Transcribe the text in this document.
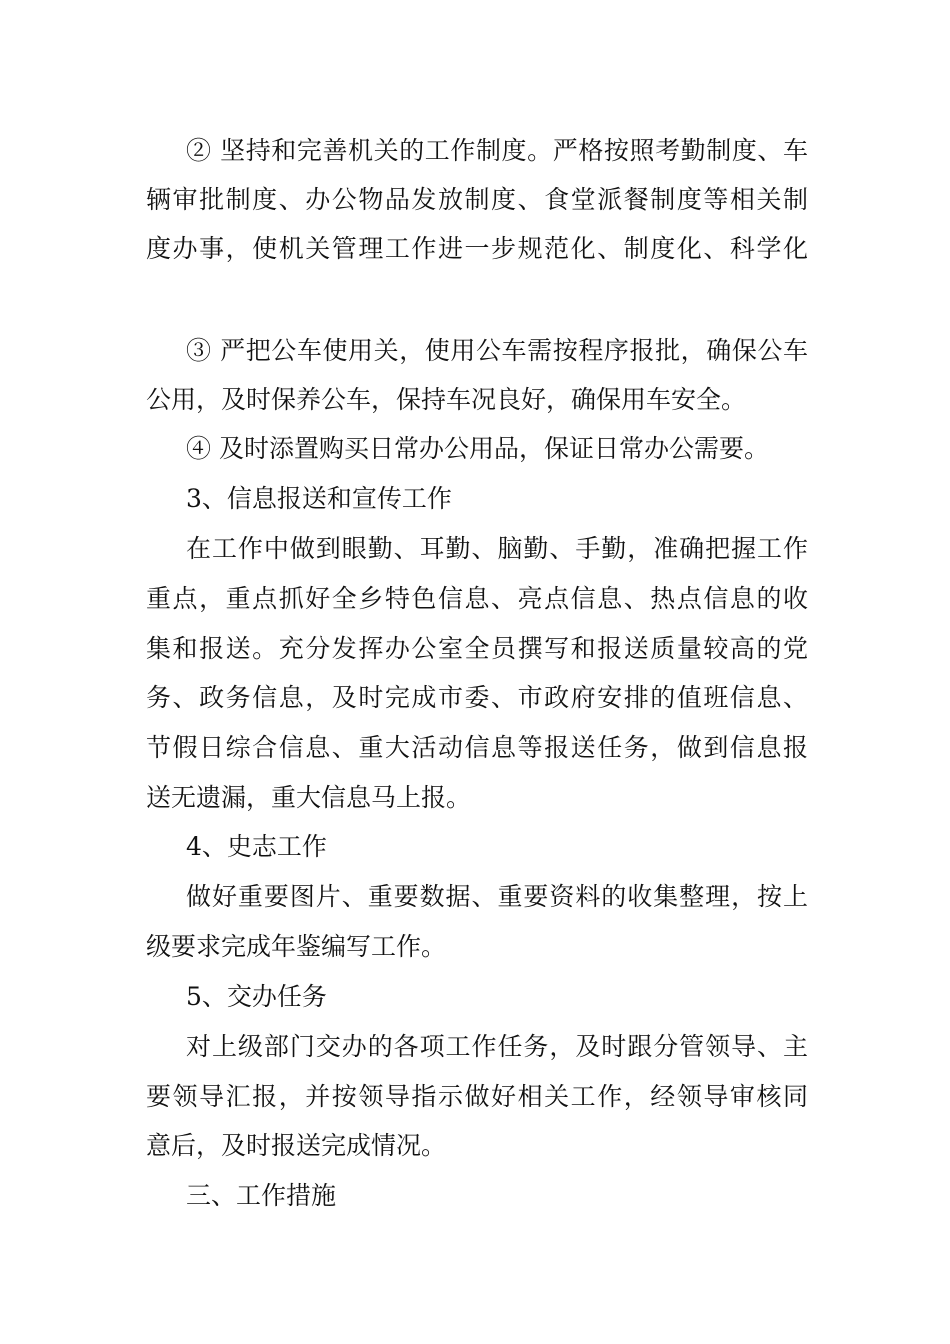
② 坚持和完善机关的工作制度。严格按照考勤制度、车
辆审批制度、办公物品发放制度、食堂派餐制度等相关制
度办事，使机关管理工作进一步规范化、制度化、科学化
③ 严把公车使用关，使用公车需按程序报批，确保公车
公用，及时保养公车，保持车况良好，确保用车安全。
④ 及时添置购买日常办公用品，保证日常办公需要。
3、信息报送和宣传工作
在工作中做到眼勤、耳勤、脑勤、手勤，准确把握工作
重点，重点抓好全乡特色信息、亮点信息、热点信息的收
集和报送。充分发挥办公室全员撰写和报送质量较高的党
务、政务信息，及时完成市委、市政府安排的值班信息、
节假日综合信息、重大活动信息等报送任务，做到信息报
送无遗漏，重大信息马上报。
4、史志工作
做好重要图片、重要数据、重要资料的收集整理，按上
级要求完成年鉴编写工作。
5、交办任务
对上级部门交办的各项工作任务，及时跟分管领导、主
要领导汇报，并按领导指示做好相关工作，经领导审核同
意后，及时报送完成情况。
三、工作措施
